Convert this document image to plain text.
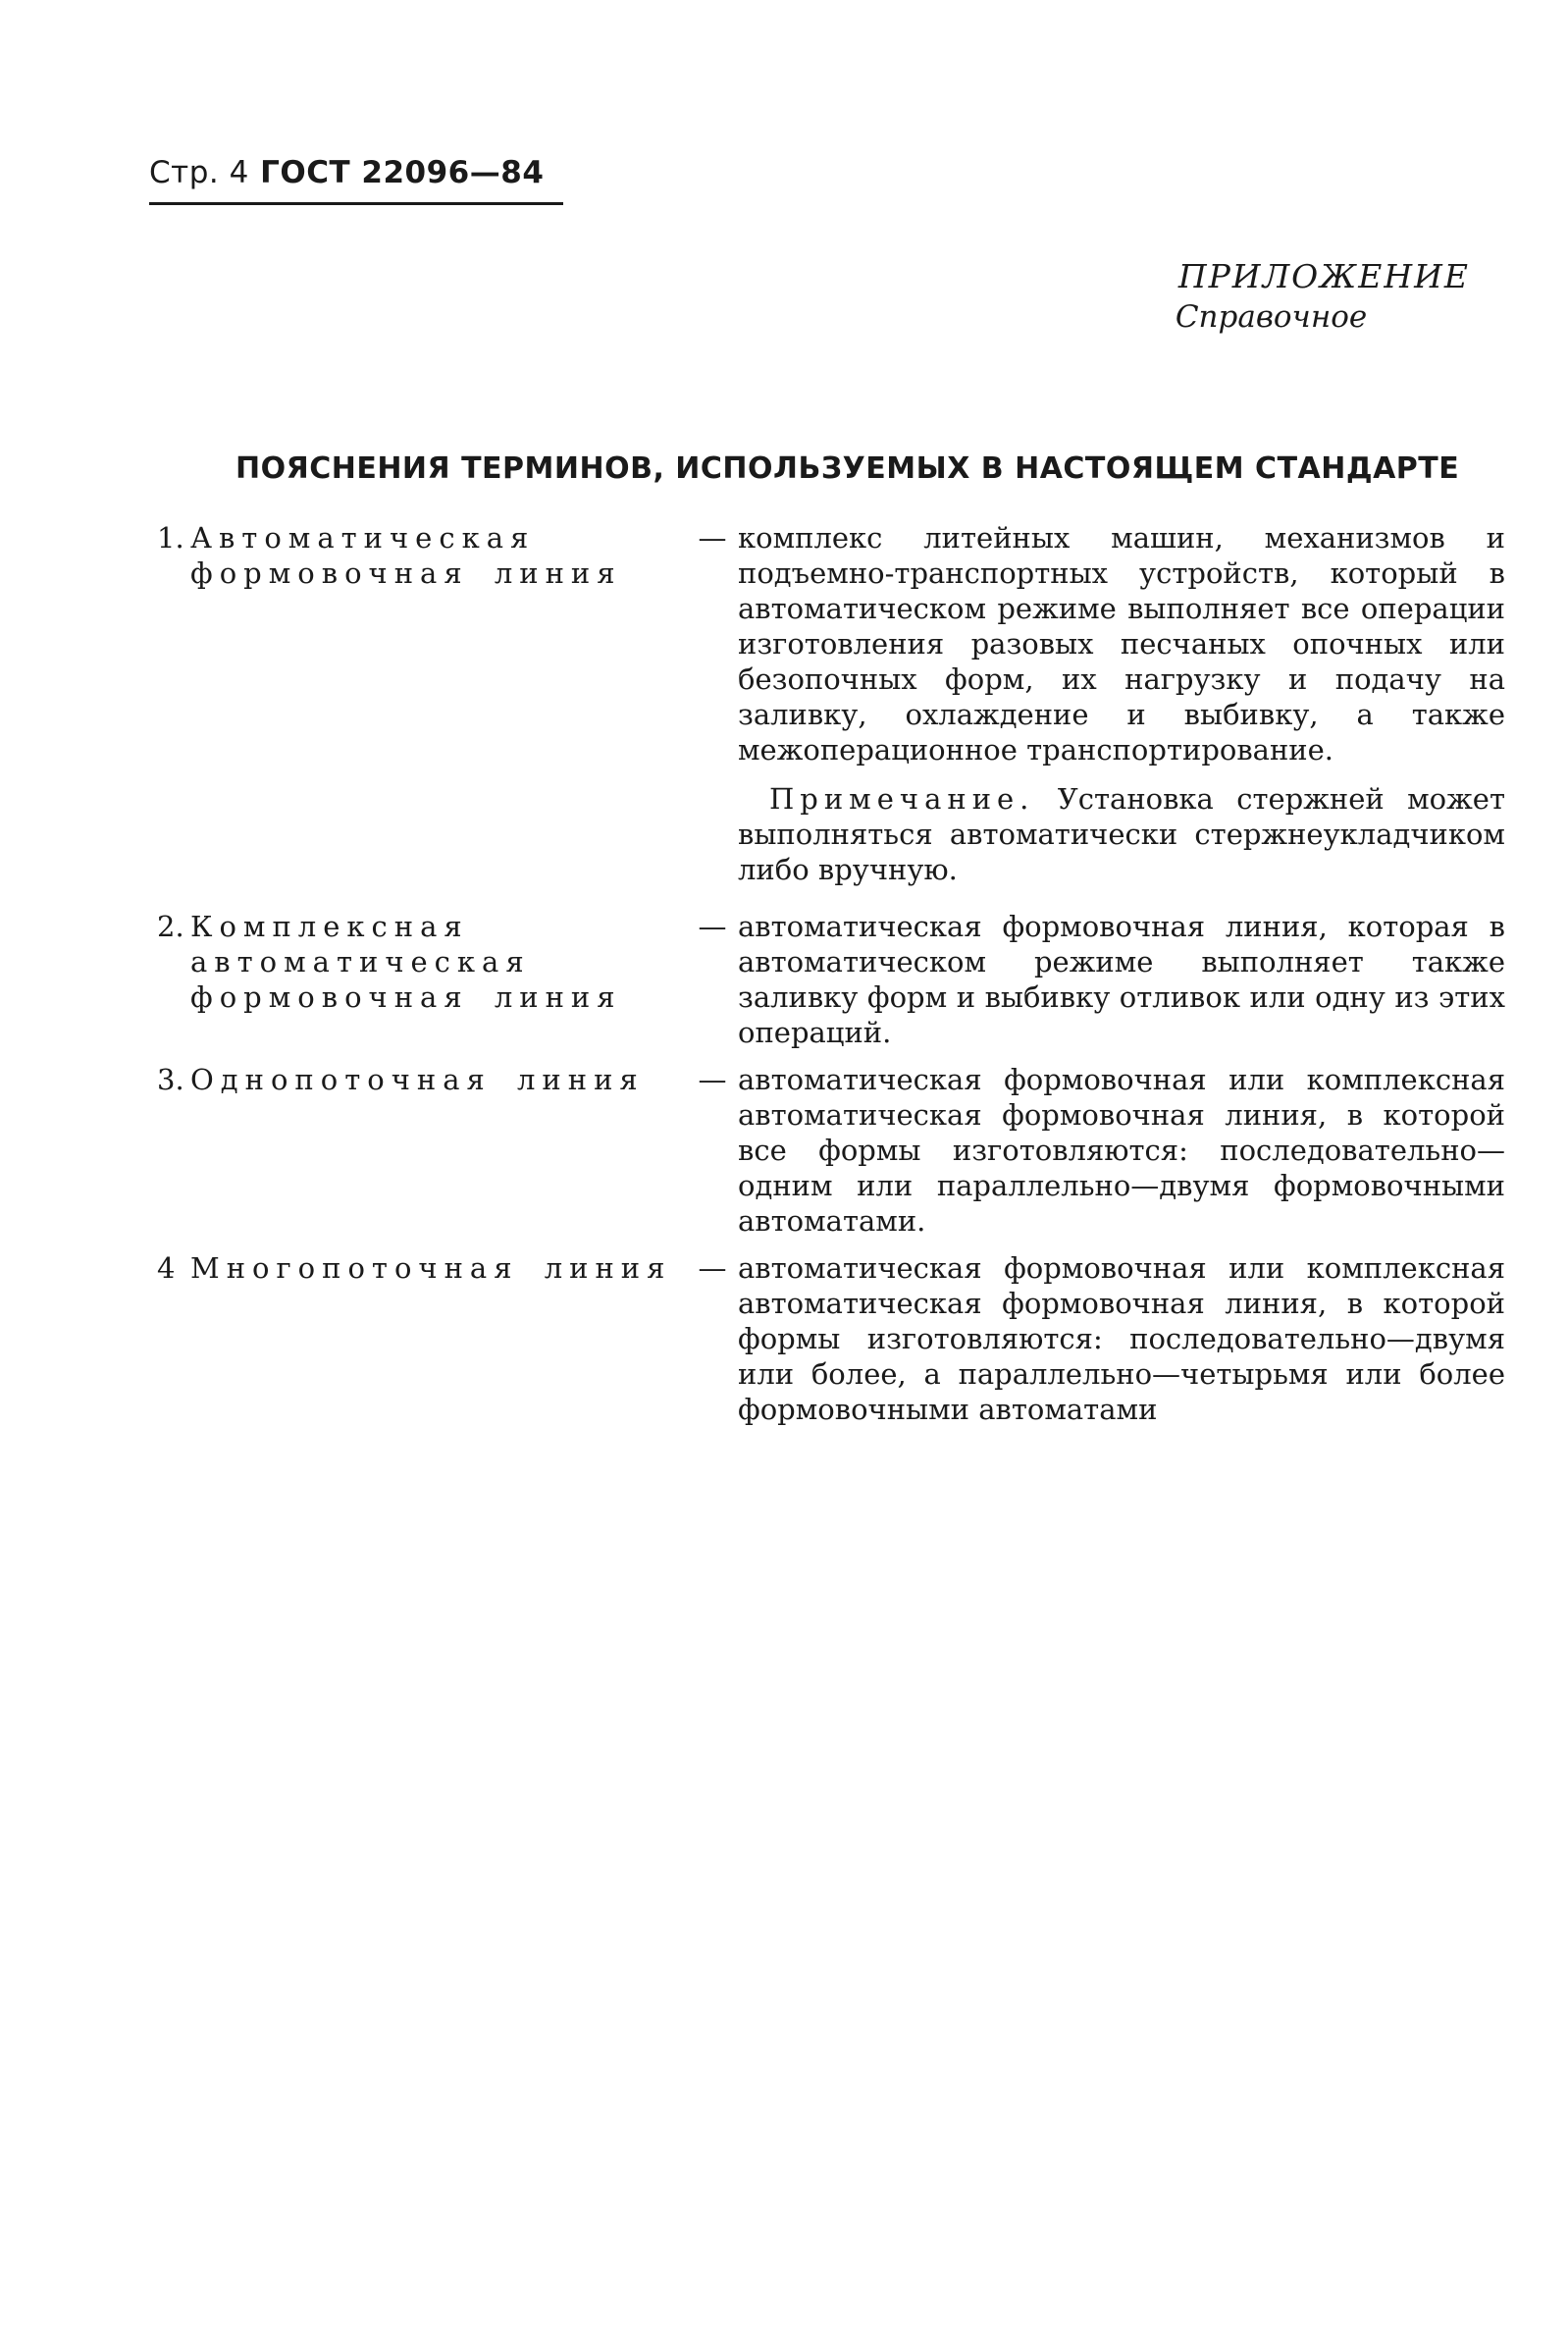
Стр. 4 ГОСТ 22096—84
ПРИЛОЖЕНИЕ
Справочное
ПОЯСНЕНИЯ ТЕРМИНОВ, ИСПОЛЬЗУЕМЫХ В НАСТОЯЩЕМ СТАНДАРТЕ
1. Автоматическая формовочная линия
— комплекс литейных машин, механизмов и подъемно-транспортных устройств, который в автоматическом режиме выполняет все операции изготовления разовых песчаных опочных или безопочных форм, их нагрузку и подачу на заливку, охлаждение и выбивку, а также межоперационное транспортирование.

Примечание. Установка стержней может выполняться автоматически стержнеукладчиком либо вручную.

2. Комплексная автоматическая формовочная линия
— автоматическая формовочная линия, которая в автоматическом режиме выполняет также заливку форм и выбивку отливок или одну из этих операций.

3. Однопоточная линия	— автоматическая формовочная или комплексная автоматическая формовочная линия, в которой все формы изготовляются: последовательно—одним или параллельно—двумя формовочными автоматами.

4 Многопоточная линия — автоматическая формовочная или комплексная автоматическая формовочная линия, в которой формы изготовляются: последовательно—двумя или более, а параллельно—четырьмя или более формовочными автоматами
